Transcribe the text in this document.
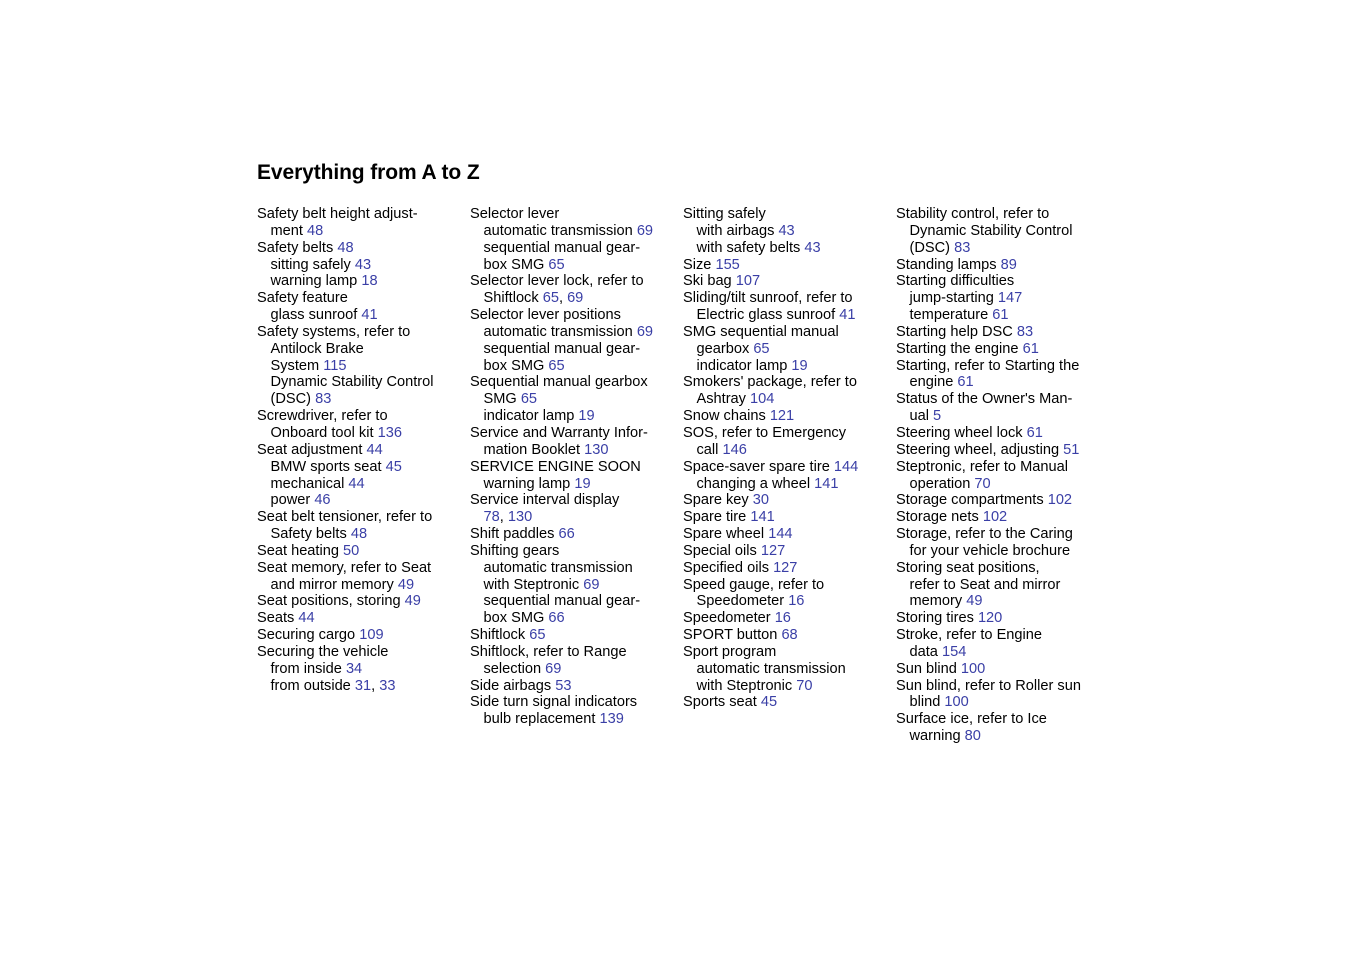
Everything from A to Z
Safety belt height adjust-
ment 48
Safety belts 48
sitting safely 43
warning lamp 18
Safety feature
glass sunroof 41
Safety systems, refer to
Antilock Brake
System 115
Dynamic Stability Control
(DSC) 83
Screwdriver, refer to
Onboard tool kit 136
Seat adjustment 44
BMW sports seat 45
mechanical 44
power 46
Seat belt tensioner, refer to
Safety belts 48
Seat heating 50
Seat memory, refer to Seat
and mirror memory 49
Seat positions, storing 49
Seats 44
Securing cargo 109
Securing the vehicle
from inside 34
from outside 31, 33
Selector lever
automatic transmission 69
sequential manual gear-
box SMG 65
Selector lever lock, refer to
Shiftlock 65, 69
Selector lever positions
automatic transmission 69
sequential manual gear-
box SMG 65
Sequential manual gearbox
SMG 65
indicator lamp 19
Service and Warranty Infor-
mation Booklet 130
SERVICE ENGINE SOON
warning lamp 19
Service interval display
78, 130
Shift paddles 66
Shifting gears
automatic transmission
with Steptronic 69
sequential manual gear-
box SMG 66
Shiftlock 65
Shiftlock, refer to Range
selection 69
Side airbags 53
Side turn signal indicators
bulb replacement 139
Sitting safely
with airbags 43
with safety belts 43
Size 155
Ski bag 107
Sliding/tilt sunroof, refer to
Electric glass sunroof 41
SMG sequential manual
gearbox 65
indicator lamp 19
Smokers' package, refer to
Ashtray 104
Snow chains 121
SOS, refer to Emergency
call 146
Space-saver spare tire 144
changing a wheel 141
Spare key 30
Spare tire 141
Spare wheel 144
Special oils 127
Specified oils 127
Speed gauge, refer to
Speedometer 16
Speedometer 16
SPORT button 68
Sport program
automatic transmission
with Steptronic 70
Sports seat 45
Stability control, refer to
Dynamic Stability Control
(DSC) 83
Standing lamps 89
Starting difficulties
jump-starting 147
temperature 61
Starting help DSC 83
Starting the engine 61
Starting, refer to Starting the
engine 61
Status of the Owner's Man-
ual 5
Steering wheel lock 61
Steering wheel, adjusting 51
Steptronic, refer to Manual
operation 70
Storage compartments 102
Storage nets 102
Storage, refer to the Caring
for your vehicle brochure
Storing seat positions,
refer to Seat and mirror
memory 49
Storing tires 120
Stroke, refer to Engine
data 154
Sun blind 100
Sun blind, refer to Roller sun
blind 100
Surface ice, refer to Ice
warning 80
